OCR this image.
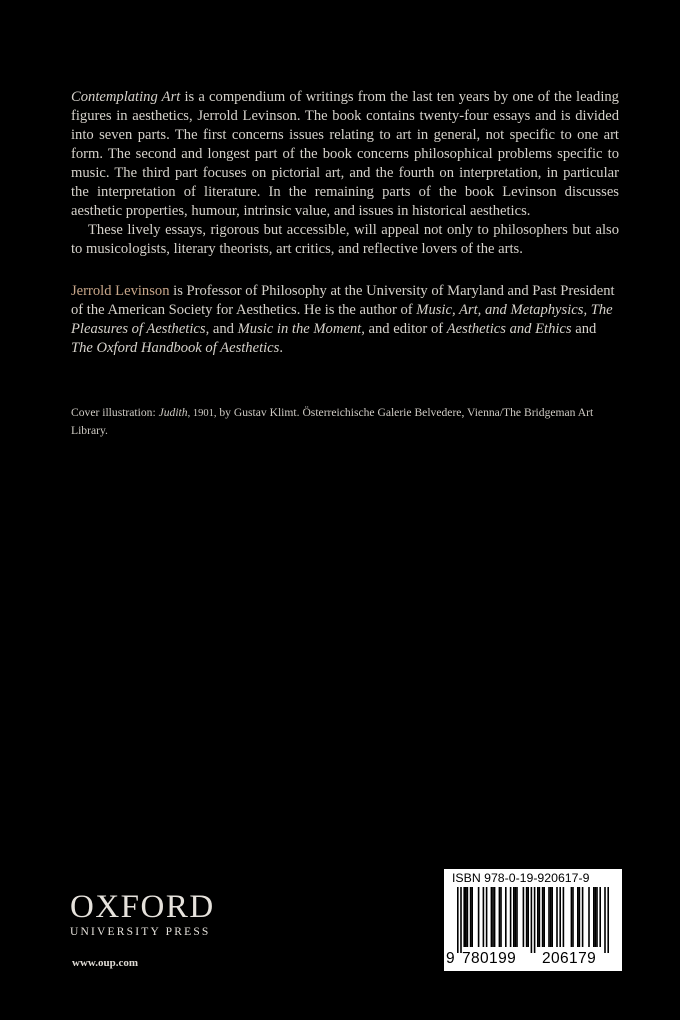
Contemplating Art is a compendium of writings from the last ten years by one of the leading figures in aesthetics, Jerrold Levinson. The book contains twenty-four essays and is divided into seven parts. The first concerns issues relating to art in general, not specific to one art form. The second and longest part of the book concerns philosophical problems specific to music. The third part focuses on pictorial art, and the fourth on interpretation, in particular the interpretation of literature. In the remaining parts of the book Levinson discusses aesthetic properties, humour, intrinsic value, and issues in historical aesthetics.

These lively essays, rigorous but accessible, will appeal not only to philosophers but also to musicologists, literary theorists, art critics, and reflective lovers of the arts.

Jerrold Levinson is Professor of Philosophy at the University of Maryland and Past President of the American Society for Aesthetics. He is the author of Music, Art, and Metaphysics, The Pleasures of Aesthetics, and Music in the Moment, and editor of Aesthetics and Ethics and The Oxford Handbook of Aesthetics.

Cover illustration: Judith, 1901, by Gustav Klimt. Österreichische Galerie Belvedere, Vienna/The Bridgeman Art Library.
OXFORD
UNIVERSITY PRESS
www.oup.com
ISBN 978-0-19-920617-9
9 780199 206179
